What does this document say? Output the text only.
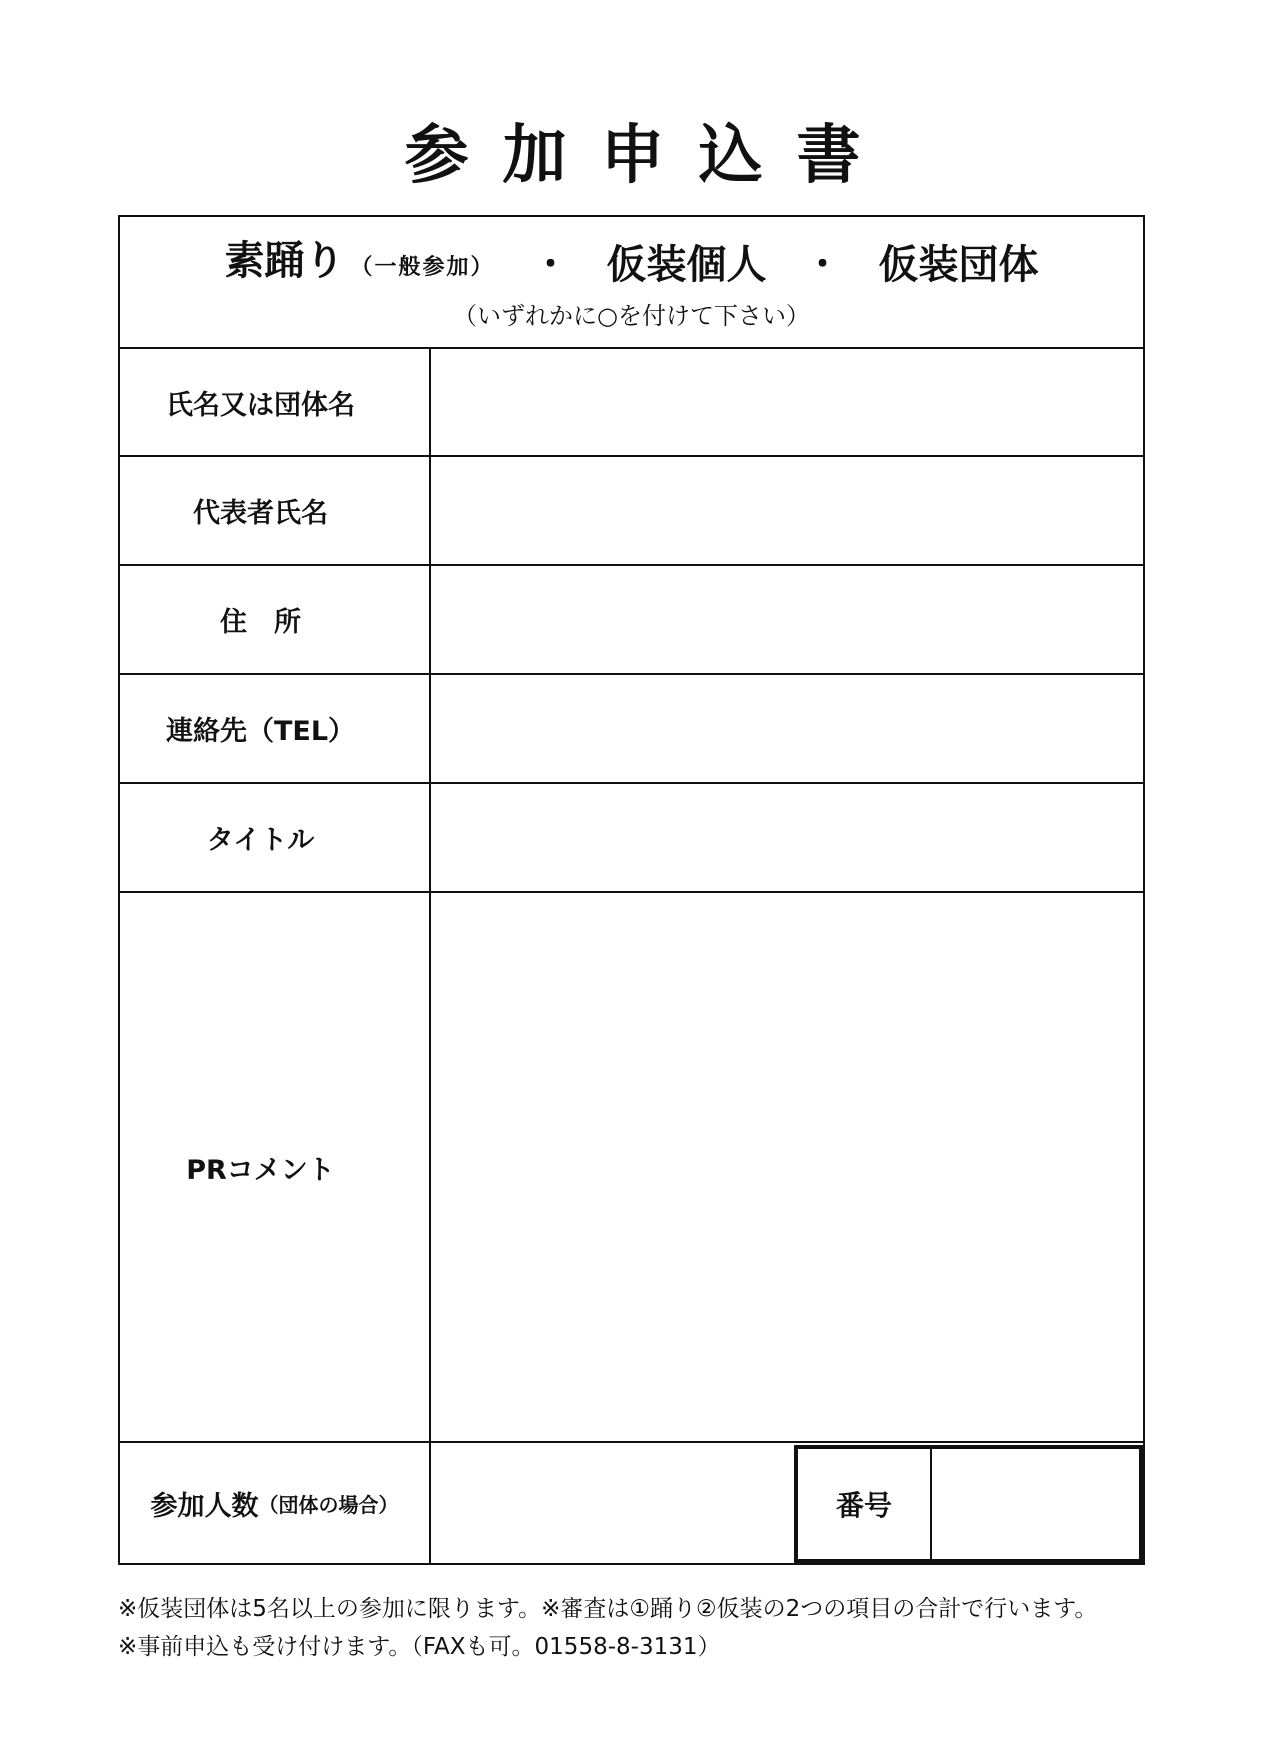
参加申込書
素踊り （一般参加） ・ 仮装個人 ・ 仮装団体
（いずれかに○を付けて下さい）
氏名又は団体名
代表者氏名
住　所
連絡先（TEL）
タイトル
PRコメント
参加人数 （団体の場合）	番号
※仮装団体は5名以上の参加に限ります。※審査は①踊り②仮装の2つの項目の合計で行います。
※事前申込も受け付けます。（FAXも可。01558-8-3131）
